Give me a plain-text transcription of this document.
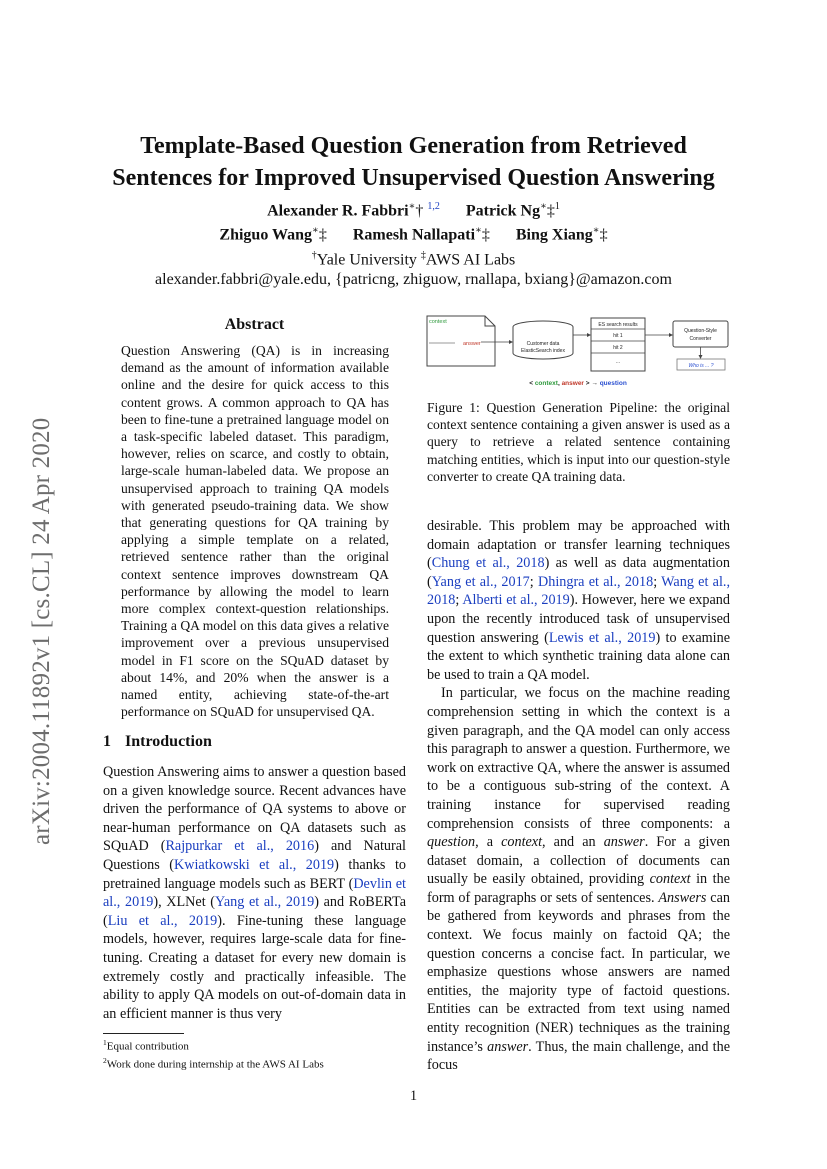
arXiv:2004.11892v1 [cs.CL] 24 Apr 2020
Template-Based Question Generation from Retrieved
Sentences for Improved Unsupervised Question Answering
Alexander R. Fabbri∗† $^{1,2}$ Patrick Ng∗‡$^1$
Zhiguo Wang∗‡ Ramesh Nallapati∗‡ Bing Xiang∗‡
†Yale University ‡AWS AI Labs
alexander.fabbri@yale.edu, {patricng, zhiguow, rnallapa, bxiang}@amazon.com
Abstract
Question Answering (QA) is in increasing demand as the amount of information available online and the desire for quick access to this content grows. A common approach to QA has been to fine-tune a pretrained language model on a task-specific labeled dataset. This paradigm, however, relies on scarce, and costly to obtain, large-scale human-labeled data. We propose an unsupervised approach to training QA models with generated pseudo-training data. We show that generating questions for QA training by applying a simple template on a related, retrieved sentence rather than the original context sentence improves downstream QA performance by allowing the model to learn more complex context-question relationships. Training a QA model on this data gives a relative improvement over a previous unsupervised model in F1 score on the SQuAD dataset by about 14%, and 20% when the answer is a named entity, achieving state-of-the-art performance on SQuAD for unsupervised QA.
1 Introduction
Question Answering aims to answer a question based on a given knowledge source. Recent advances have driven the performance of QA systems to above or near-human performance on QA datasets such as SQuAD (Rajpurkar et al., 2016) and Natural Questions (Kwiatkowski et al., 2019) thanks to pretrained language models such as BERT (Devlin et al., 2019), XLNet (Yang et al., 2019) and RoBERTa (Liu et al., 2019). Fine-tuning these language models, however, requires large-scale data for fine-tuning. Creating a dataset for every new domain is extremely costly and practically infeasible. The ability to apply QA models on out-of-domain data in an efficient manner is thus very
$^1$Equal contribution
$^2$Work done during internship at the AWS AI Labs
context
answer	Customer data
ElasticSearch index
ES search results
hit 1
hit 2
...
Question-Style
Converter
Who is ... ?
< context, answer > → question
Figure 1: Question Generation Pipeline: the original context sentence containing a given answer is used as a query to retrieve a related sentence containing matching entities, which is input into our question-style converter to create QA training data.

desirable. This problem may be approached with domain adaptation or transfer learning techniques (Chung et al., 2018) as well as data augmentation (Yang et al., 2017; Dhingra et al., 2018; Wang et al., 2018; Alberti et al., 2019). However, here we expand upon the recently introduced task of unsupervised question answering (Lewis et al., 2019) to examine the extent to which synthetic training data alone can be used to train a QA model.

In particular, we focus on the machine reading comprehension setting in which the context is a given paragraph, and the QA model can only access this paragraph to answer a question. Furthermore, we work on extractive QA, where the answer is assumed to be a contiguous sub-string of the context. A training instance for supervised reading comprehension consists of three components: a question, a context, and an answer. For a given dataset domain, a collection of documents can usually be easily obtained, providing context in the form of paragraphs or sets of sentences. Answers can be gathered from keywords and phrases from the context. We focus mainly on factoid QA; the question concerns a concise fact. In particular, we emphasize questions whose answers are named entities, the majority type of factoid questions. Entities can be extracted from text using named entity recognition (NER) techniques as the training instance’s answer. Thus, the main challenge, and the focus

1
